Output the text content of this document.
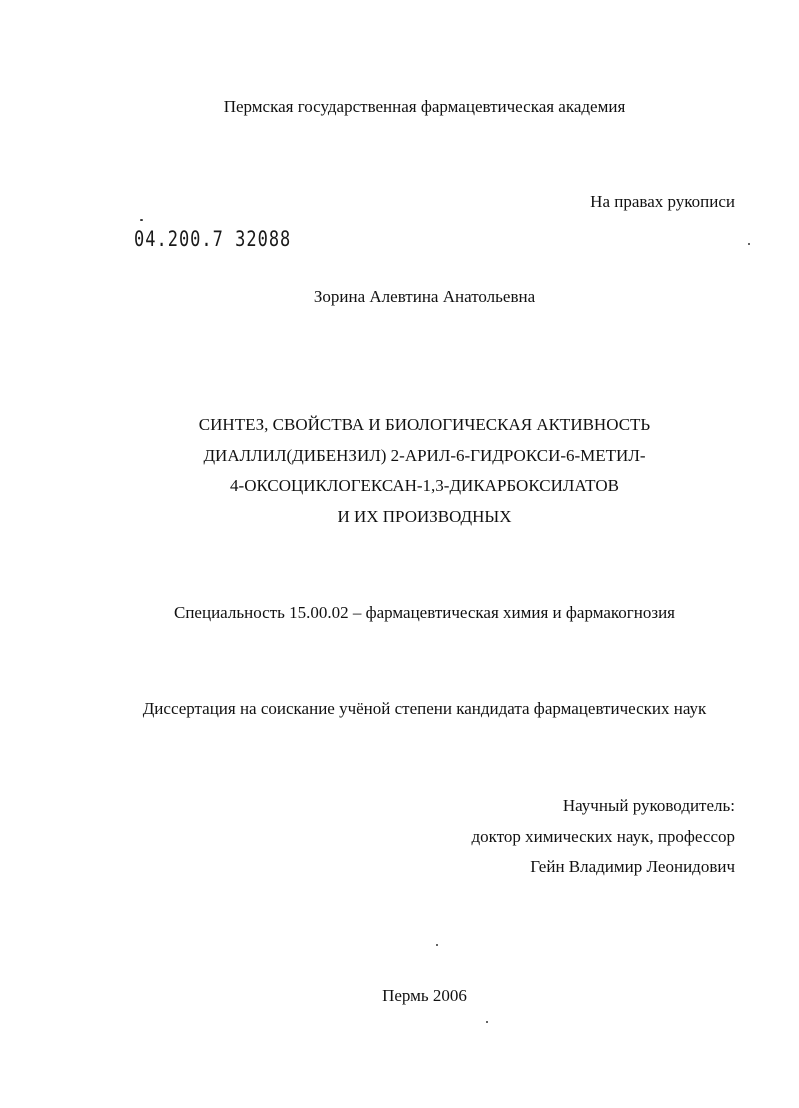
Пермская государственная фармацевтическая академия
На правах рукописи
04.200.7 32088
Зорина Алевтина Анатольевна
СИНТЕЗ, СВОЙСТВА И БИОЛОГИЧЕСКАЯ АКТИВНОСТЬ
ДИАЛЛИЛ(ДИБЕНЗИЛ) 2-АРИЛ-6-ГИДРОКСИ-6-МЕТИЛ-
4-ОКСОЦИКЛОГЕКСАН-1,3-ДИКАРБОКСИЛАТОВ
И ИХ ПРОИЗВОДНЫХ
Специальность 15.00.02 – фармацевтическая химия и фармакогнозия
Диссертация на соискание учёной степени кандидата фармацевтических наук
Научный руководитель:
доктор химических наук, профессор
Гейн Владимир Леонидович
Пермь 2006
